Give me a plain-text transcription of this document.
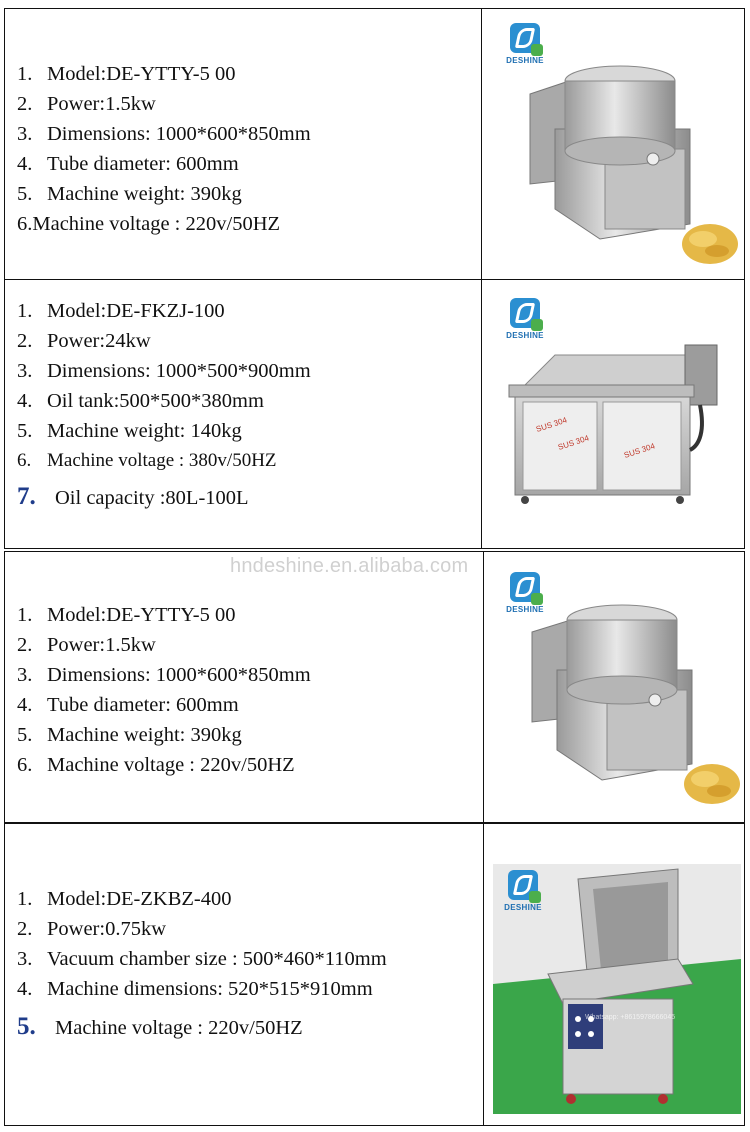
1. Model:DE-YTTY-5 00
2. Power:1.5kw
3. Dimensions: 1000*600*850mm
4. Tube diameter: 600mm
5. Machine weight: 390kg
6.Machine voltage : 220v/50HZ
DESHINE
1. Model:DE-FKZJ-100
2. Power:24kw
3. Dimensions: 1000*500*900mm
4. Oil tank:500*500*380mm
5. Machine weight: 140kg
6. Machine voltage : 380v/50HZ
7. Oil capacity :80L-100L
DESHINE
SUS 304
SUS 304	SUS 304
1. Model:DE-YTTY-5 00
2. Power:1.5kw
3. Dimensions: 1000*600*850mm
4. Tube diameter: 600mm
5. Machine weight: 390kg
6. Machine voltage : 220v/50HZ
DESHINE
1. Model:DE-ZKBZ-400
2. Power:0.75kw
3. Vacuum chamber size : 500*460*110mm
4. Machine dimensions: 520*515*910mm
5. Machine voltage : 220v/50HZ
DESHINE
Whatsapp: +8615978666045
hndeshine.en.alibaba.com
